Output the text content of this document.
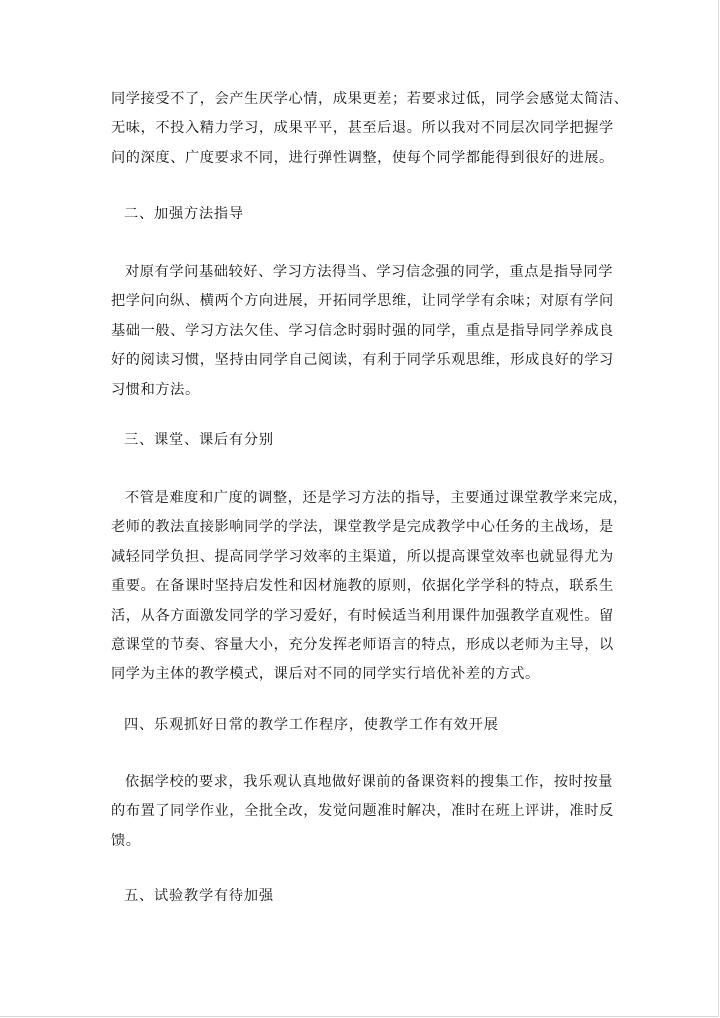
同学接受不了，会产生厌学心情，成果更差；若要求过低，同学会感觉太简洁、
无味，不投入精力学习，成果平平，甚至后退。所以我对不同层次同学把握学
问的深度、广度要求不同，进行弹性调整，使每个同学都能得到很好的进展。
二、加强方法指导
对原有学问基础较好、学习方法得当、学习信念强的同学，重点是指导同学
把学问向纵、横两个方向进展，开拓同学思维，让同学学有余味；对原有学问
基础一般、学习方法欠佳、学习信念时弱时强的同学，重点是指导同学养成良
好的阅读习惯，坚持由同学自己阅读，有利于同学乐观思维，形成良好的学习
习惯和方法。
三、课堂、课后有分别
不管是难度和广度的调整，还是学习方法的指导，主要通过课堂教学来完成，
老师的教法直接影响同学的学法，课堂教学是完成教学中心任务的主战场，是
减轻同学负担、提高同学学习效率的主渠道，所以提高课堂效率也就显得尤为
重要。在备课时坚持启发性和因材施教的原则，依据化学学科的特点，联系生
活，从各方面激发同学的学习爱好，有时候适当利用课件加强教学直观性。留
意课堂的节奏、容量大小，充分发挥老师语言的特点，形成以老师为主导，以
同学为主体的教学模式，课后对不同的同学实行培优补差的方式。
四、乐观抓好日常的教学工作程序，使教学工作有效开展
依据学校的要求，我乐观认真地做好课前的备课资料的搜集工作，按时按量
的布置了同学作业，全批全改，发觉问题准时解决，准时在班上评讲，准时反
馈。
五、试验教学有待加强
